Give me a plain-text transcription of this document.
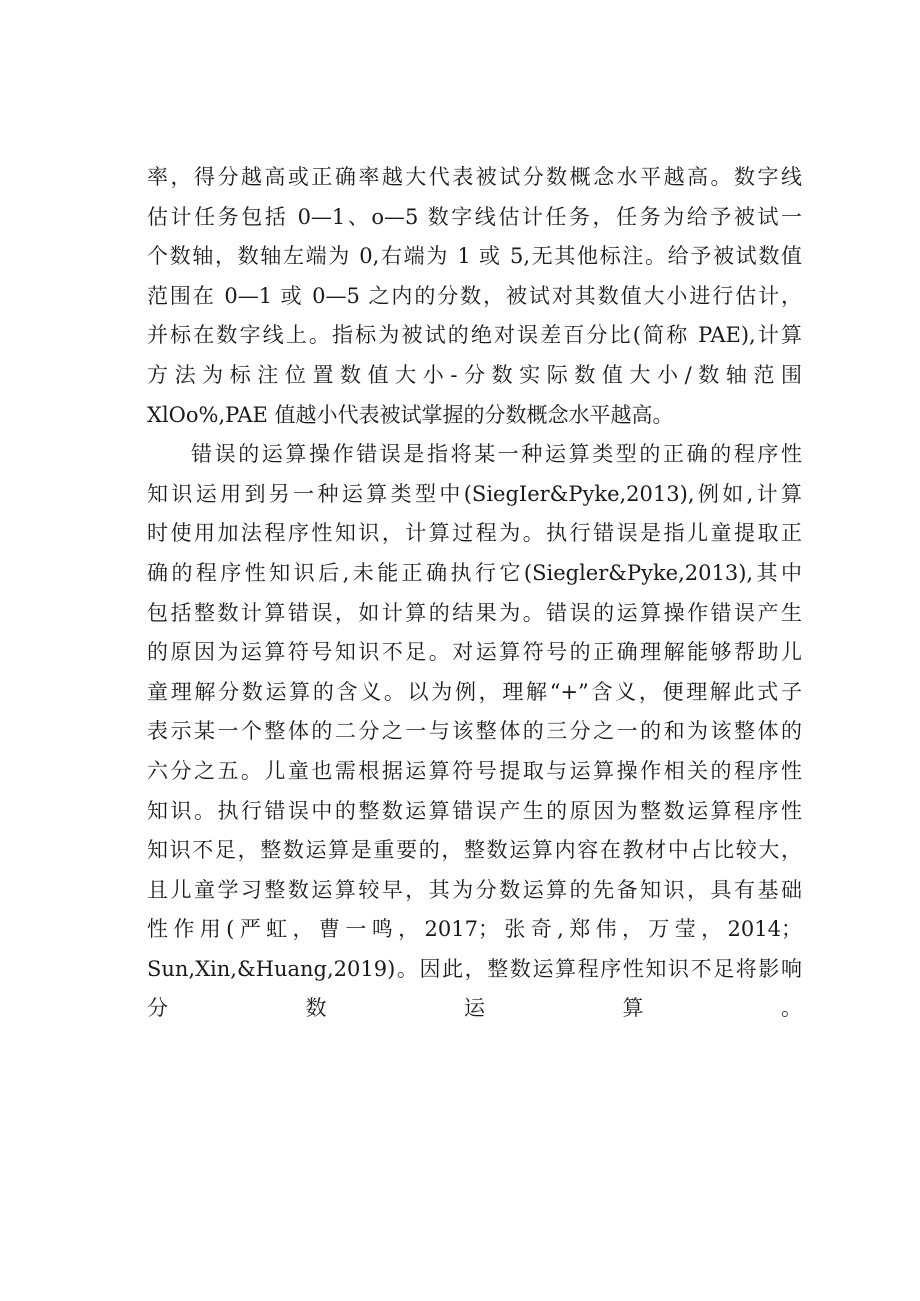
率，得分越高或正确率越大代表被试分数概念水平越高。数字线
估计任务包括 0—1、o—5 数字线估计任务，任务为给予被试一
个数轴，数轴左端为 0,右端为 1 或 5,无其他标注。给予被试数值
范围在 0—1 或 0—5 之内的分数，被试对其数值大小进行估计，
并标在数字线上。指标为被试的绝对误差百分比(简称 PAE),计算
方法为标注位置数值大小-分数实际数值大小/数轴范围
XlOo%,PAE 值越小代表被试掌握的分数概念水平越高。
错误的运算操作错误是指将某一种运算类型的正确的程序性
知识运用到另一种运算类型中(SiegIer&Pyke,2013),例如,计算
时使用加法程序性知识，计算过程为。执行错误是指儿童提取正
确的程序性知识后,未能正确执行它(Siegler&Pyke,2013),其中
包括整数计算错误，如计算的结果为。错误的运算操作错误产生
的原因为运算符号知识不足。对运算符号的正确理解能够帮助儿
童理解分数运算的含义。以为例，理解“+”含义，便理解此式子
表示某一个整体的二分之一与该整体的三分之一的和为该整体的
六分之五。儿童也需根据运算符号提取与运算操作相关的程序性
知识。执行错误中的整数运算错误产生的原因为整数运算程序性
知识不足，整数运算是重要的，整数运算内容在教材中占比较大，
且儿童学习整数运算较早，其为分数运算的先备知识，具有基础
性作用(严虹，曹一鸣，2017；张奇,郑伟，万莹，2014；
Sun,Xin,&Huang,2019)。因此，整数运算程序性知识不足将影响
分数运算。
